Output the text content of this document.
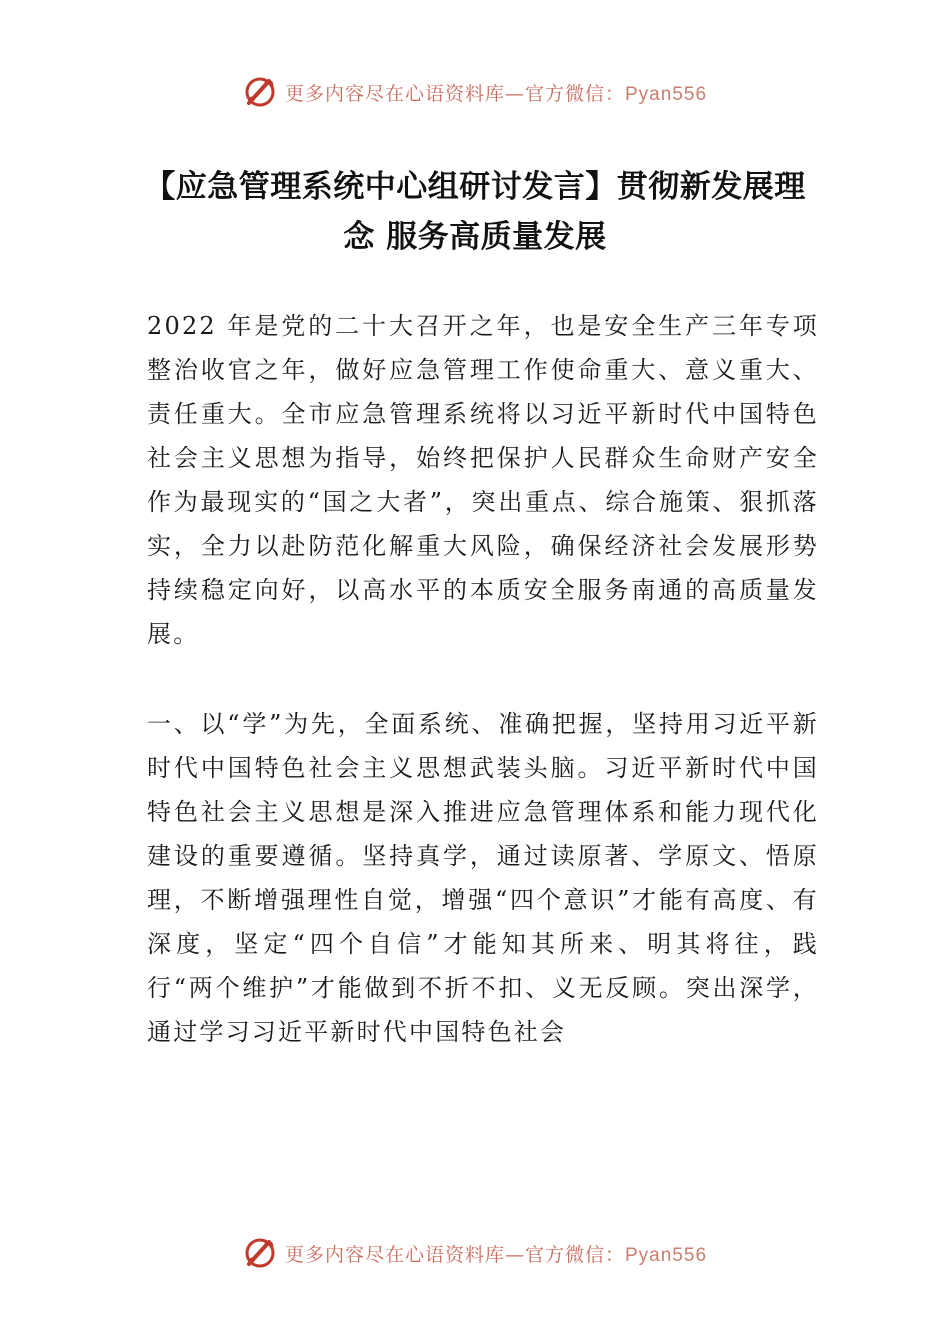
更多内容尽在心语资料库—官方微信：Pyan556
【应急管理系统中心组研讨发言】贯彻新发展理念 服务高质量发展

2022 年是党的二十大召开之年，也是安全生产三年专项整治收官之年，做好应急管理工作使命重大、意义重大、责任重大。全市应急管理系统将以习近平新时代中国特色社会主义思想为指导，始终把保护人民群众生命财产安全作为最现实的“国之大者”，突出重点、综合施策、狠抓落实，全力以赴防范化解重大风险，确保经济社会发展形势持续稳定向好，以高水平的本质安全服务南通的高质量发展。

一、以“学”为先，全面系统、准确把握，坚持用习近平新时代中国特色社会主义思想武装头脑。习近平新时代中国特色社会主义思想是深入推进应急管理体系和能力现代化建设的重要遵循。坚持真学，通过读原著、学原文、悟原理，不断增强理性自觉，增强“四个意识”才能有高度、有深度，坚定“四个自信”才能知其所来、明其将往，践行“两个维护”才能做到不折不扣、义无反顾。突出深学，通过学习习近平新时代中国特色社会

更多内容尽在心语资料库—官方微信：Pyan556
